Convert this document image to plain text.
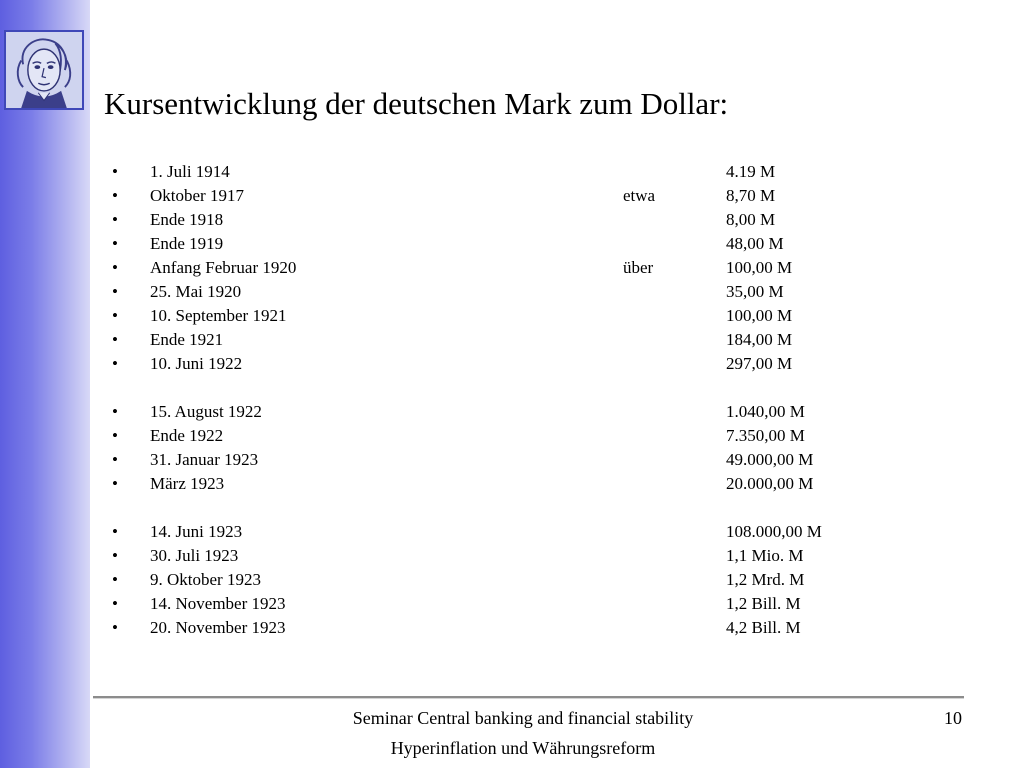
Kursentwicklung der deutschen Mark zum Dollar:
• 1. Juli 1914	4.19 M
• Oktober 1917	etwa	8,70 M
• Ende 1918	8,00 M
• Ende 1919	48,00 M
• Anfang Februar 1920	über	100,00 M
• 25. Mai 1920	35,00 M
• 10. September 1921	100,00 M
• Ende 1921	184,00 M
• 10. Juni 1922	297,00 M
• 15. August 1922	1.040,00 M
• Ende 1922	7.350,00 M
• 31. Januar 1923	49.000,00 M
• März 1923	20.000,00 M
• 14. Juni 1923	108.000,00 M
• 30. Juli 1923	1,1 Mio. M
• 9. Oktober 1923	1,2 Mrd. M
• 14. November 1923	1,2 Bill. M
• 20. November 1923	4,2 Bill. M
Seminar Central banking and financial stability	10
Hyperinflation und Währungsreform
